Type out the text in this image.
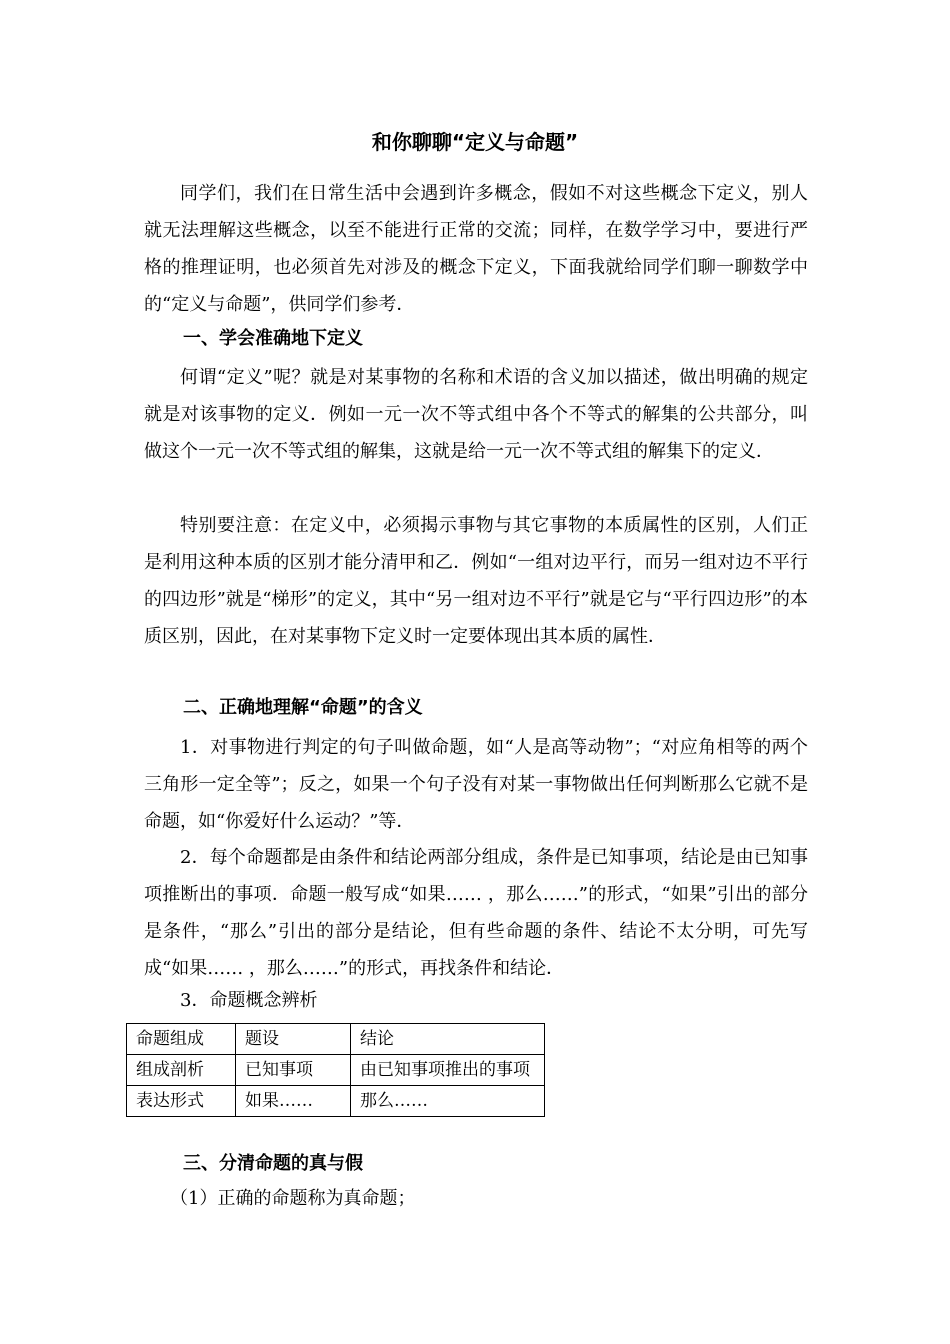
和你聊聊“定义与命题”
同学们，我们在日常生活中会遇到许多概念，假如不对这些概念下定义，别人就无法理解这些概念，以至不能进行正常的交流；同样，在数学学习中，要进行严格的推理证明，也必须首先对涉及的概念下定义，下面我就给同学们聊一聊数学中的“定义与命题”，供同学们参考．
一、学会准确地下定义
何谓“定义”呢？就是对某事物的名称和术语的含义加以描述，做出明确的规定就是对该事物的定义．例如一元一次不等式组中各个不等式的解集的公共部分，叫做这个一元一次不等式组的解集，这就是给一元一次不等式组的解集下的定义．
特别要注意：在定义中，必须揭示事物与其它事物的本质属性的区别，人们正是利用这种本质的区别才能分清甲和乙．例如“一组对边平行，而另一组对边不平行的四边形”就是“梯形”的定义，其中“另一组对边不平行”就是它与“平行四边形”的本质区别，因此，在对某事物下定义时一定要体现出其本质的属性．
二、正确地理解“命题”的含义
1．对事物进行判定的句子叫做命题，如“人是高等动物”；“对应角相等的两个三角形一定全等”；反之，如果一个句子没有对某一事物做出任何判断那么它就不是命题，如“你爱好什么运动？”等．
2．每个命题都是由条件和结论两部分组成，条件是已知事项，结论是由已知事项推断出的事项．命题一般写成“如果…… ，那么……”的形式，“如果”引出的部分是条件，“那么”引出的部分是结论，但有些命题的条件、结论不太分明，可先写成“如果…… ，那么……”的形式，再找条件和结论．
3．命题概念辨析
命题组成	题设	结论
组成剖析	已知事项	由已知事项推出的事项
表达形式	如果……	那么……
三、分清命题的真与假
（1）正确的命题称为真命题；
